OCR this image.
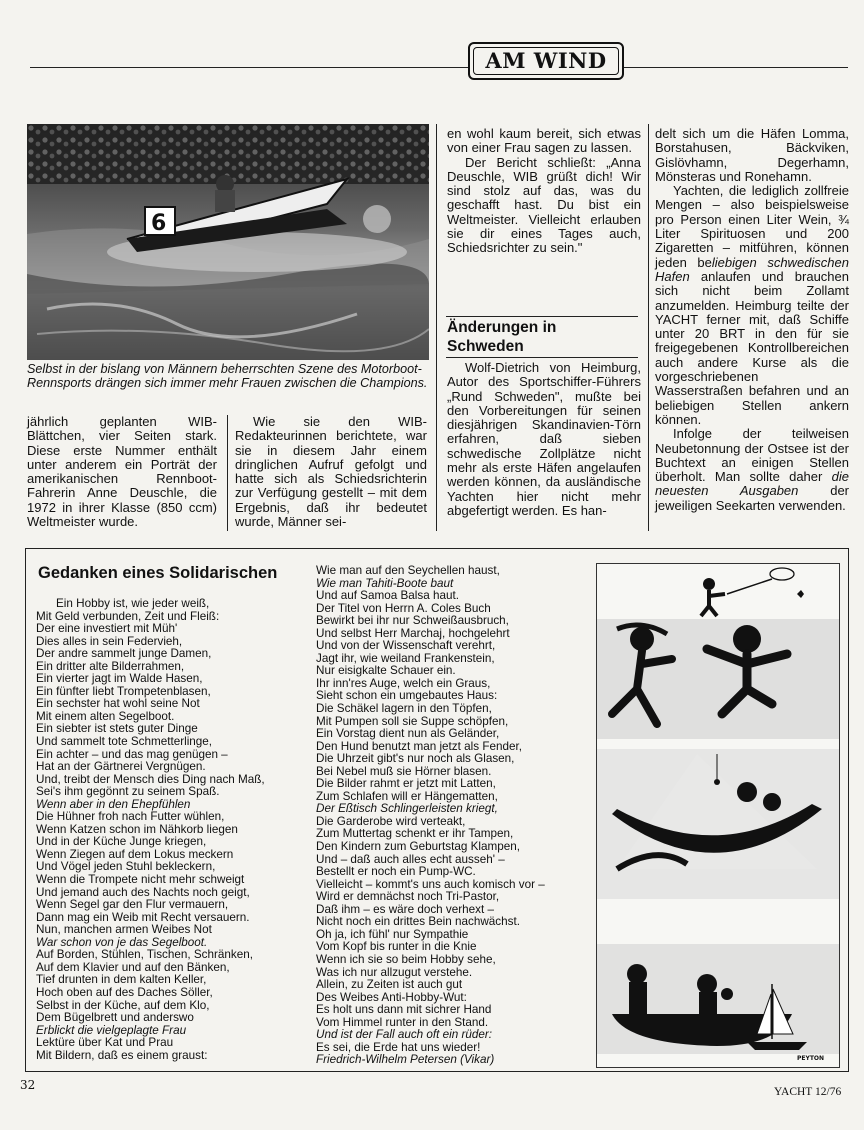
AM WIND
6
Selbst in der bislang von Männern beherrschten Szene des Motorboot-Rennsports drängen sich immer mehr Frauen zwischen die Champions.

jährlich geplanten WIB-Blättchen, vier Seiten stark. Diese erste Nummer enthält unter anderem ein Porträt der amerikanischen Rennboot-Fahrerin Anne Deuschle, die 1972 in ihrer Klasse (850 ccm) Weltmeister wurde.

Wie sie den WIB-Redakteurinnen berichtete, war sie in diesem Jahr einem dringlichen Aufruf gefolgt und hatte sich als Schiedsrichterin zur Verfügung gestellt – mit dem Ergebnis, daß ihr bedeutet wurde, Männer sei-

en wohl kaum bereit, sich etwas von einer Frau sagen zu lassen.

Der Bericht schließt: „Anna Deuschle, WIB grüßt dich! Wir sind stolz auf das, was du geschafft hast. Du bist ein Weltmeister. Vielleicht erlauben sie dir eines Tages auch, Schiedsrichter zu sein."

Änderungen in Schweden

Wolf-Dietrich von Heimburg, Autor des Sportschiffer-Führers „Rund Schweden", mußte bei den Vorbereitungen für seinen diesjährigen Skandinavien-Törn erfahren, daß sieben schwedische Zollplätze nicht mehr als erste Häfen angelaufen werden können, da ausländische Yachten hier nicht mehr abgefertigt werden. Es han-

delt sich um die Häfen Lomma, Borstahusen, Bäckviken, Gislövhamn, Degerhamn, Mönsteras und Ronehamn.

Yachten, die lediglich zollfreie Mengen – also beispielsweise pro Person einen Liter Wein, ¾ Liter Spirituosen und 200 Zigaretten – mitführen, können jeden beliebigen schwedischen Hafen anlaufen und brauchen sich nicht beim Zollamt anzumelden. Heimburg teilte der YACHT ferner mit, daß Schiffe unter 20 BRT in den für sie freigegebenen Kontrollbereichen auch andere Kurse als die vorgeschriebenen Wasserstraßen befahren und an beliebigen Stellen ankern können.

Infolge der teilweisen Neubetonnung der Ostsee ist der Buchtext an einigen Stellen überholt. Man sollte daher die neuesten Ausgaben der jeweiligen Seekarten verwenden.

Gedanken eines Solidarischen
Ein Hobby ist, wie jeder weiß,
Mit Geld verbunden, Zeit und Fleiß:
Der eine investiert mit Müh'
Dies alles in sein Federvieh,
Der andre sammelt junge Damen,
Ein dritter alte Bilderrahmen,
Ein vierter jagt im Walde Hasen,
Ein fünfter liebt Trompetenblasen,
Ein sechster hat wohl seine Not
Mit einem alten Segelboot.
Ein siebter ist stets guter Dinge
Und sammelt tote Schmetterlinge,
Ein achter – und das mag genügen –
Hat an der Gärtnerei Vergnügen.
Und, treibt der Mensch dies Ding nach Maß,
Sei's ihm gegönnt zu seinem Spaß.
Wenn aber in den Ehepfühlen
Die Hühner froh nach Futter wühlen,
Wenn Katzen schon im Nähkorb liegen
Und in der Küche Junge kriegen,
Wenn Ziegen auf dem Lokus meckern
Und Vögel jeden Stuhl bekleckern,
Wenn die Trompete nicht mehr schweigt
Und jemand auch des Nachts noch geigt,
Wenn Segel gar den Flur vermauern,
Dann mag ein Weib mit Recht versauern.
Nun, manchen armen Weibes Not
War schon von je das Segelboot.
Auf Borden, Stühlen, Tischen, Schränken,
Auf dem Klavier und auf den Bänken,
Tief drunten in dem kalten Keller,
Hoch oben auf des Daches Söller,
Selbst in der Küche, auf dem Klo,
Dem Bügelbrett und anderswo
Erblickt die vielgeplagte Frau
Lektüre über Kat und Prau
Mit Bildern, daß es einem graust:
Wie man auf den Seychellen haust,
Wie man Tahiti-Boote baut
Und auf Samoa Balsa haut.
Der Titel von Herrn A. Coles Buch
Bewirkt bei ihr nur Schweißausbruch,
Und selbst Herr Marchaj, hochgelehrt
Und von der Wissenschaft verehrt,
Jagt ihr, wie weiland Frankenstein,
Nur eisigkalte Schauer ein.
Ihr inn'res Auge, welch ein Graus,
Sieht schon ein umgebautes Haus:
Die Schäkel lagern in den Töpfen,
Mit Pumpen soll sie Suppe schöpfen,
Ein Vorstag dient nun als Geländer,
Den Hund benutzt man jetzt als Fender,
Die Uhrzeit gibt's nur noch als Glasen,
Bei Nebel muß sie Hörner blasen.
Die Bilder rahmt er jetzt mit Latten,
Zum Schlafen will er Hängematten,
Der Eßtisch Schlingerleisten kriegt,
Die Garderobe wird verteakt,
Zum Muttertag schenkt er ihr Tampen,
Den Kindern zum Geburtstag Klampen,
Und – daß auch alles echt ausseh' –
Bestellt er noch ein Pump-WC.
Vielleicht – kommt's uns auch komisch vor –
Wird er demnächst noch Tri-Pastor,
Daß ihm – es wäre doch verhext –
Nicht noch ein drittes Bein nachwächst.
Oh ja, ich fühl' nur Sympathie
Vom Kopf bis runter in die Knie
Wenn ich sie so beim Hobby sehe,
Was ich nur allzugut verstehe.
Allein, zu Zeiten ist auch gut
Des Weibes Anti-Hobby-Wut:
Es holt uns dann mit sichrer Hand
Vom Himmel runter in den Stand.
Und ist der Fall auch oft ein rüder:
Es sei, die Erde hat uns wieder!
Friedrich-Wilhelm Petersen (Vikar)	PEYTON
32	YACHT 12/76
